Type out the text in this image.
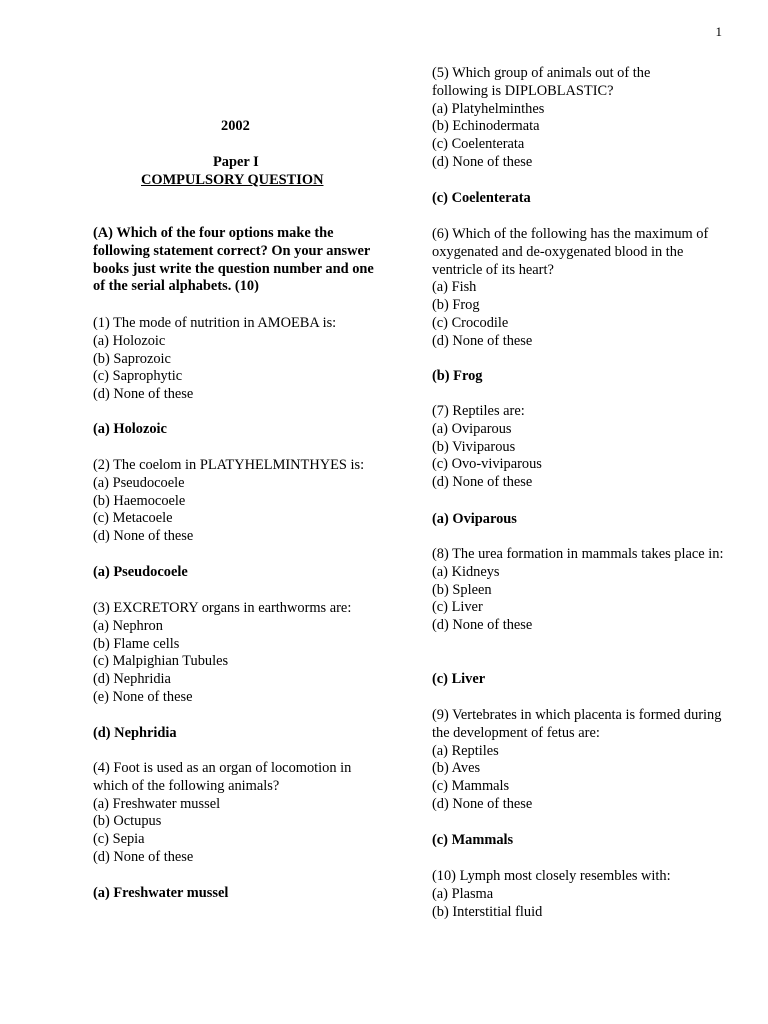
1
2002
Paper I
COMPULSORY QUESTION
(A) Which of the four options make the following statement correct? On your answer books just write the question number and one of the serial alphabets. (10)
(1) The mode of nutrition in AMOEBA is:
(a) Holozoic
(b) Saprozoic
(c) Saprophytic
(d) None of these
(a) Holozoic
(2) The coelom in PLATYHELMINTHYES is:
(a) Pseudocoele
(b) Haemocoele
(c) Metacoele
(d) None of these
(a) Pseudocoele
(3) EXCRETORY organs in earthworms are:
(a) Nephron
(b) Flame cells
(c) Malpighian Tubules
(d) Nephridia
(e) None of these
(d) Nephridia
(4) Foot is used as an organ of locomotion in which of the following animals?
(a) Freshwater mussel
(b) Octupus
(c) Sepia
(d) None of these
(a) Freshwater mussel
(5) Which group of animals out of the following is DIPLOBLASTIC?
(a) Platyhelminthes
(b) Echinodermata
(c) Coelenterata
(d) None of these
(c) Coelenterata
(6) Which of the following has the maximum of oxygenated and de-oxygenated blood in the ventricle of its heart?
(a) Fish
(b) Frog
(c) Crocodile
(d) None of these
(b) Frog
(7) Reptiles are:
(a) Oviparous
(b) Viviparous
(c) Ovo-viviparous
(d) None of these
(a) Oviparous
(8) The urea formation in mammals takes place in:
(a) Kidneys
(b) Spleen
(c) Liver
(d) None of these
(c) Liver
(9) Vertebrates in which placenta is formed during the development of fetus are:
(a) Reptiles
(b) Aves
(c) Mammals
(d) None of these
(c) Mammals
(10) Lymph most closely resembles with:
(a) Plasma
(b) Interstitial fluid
